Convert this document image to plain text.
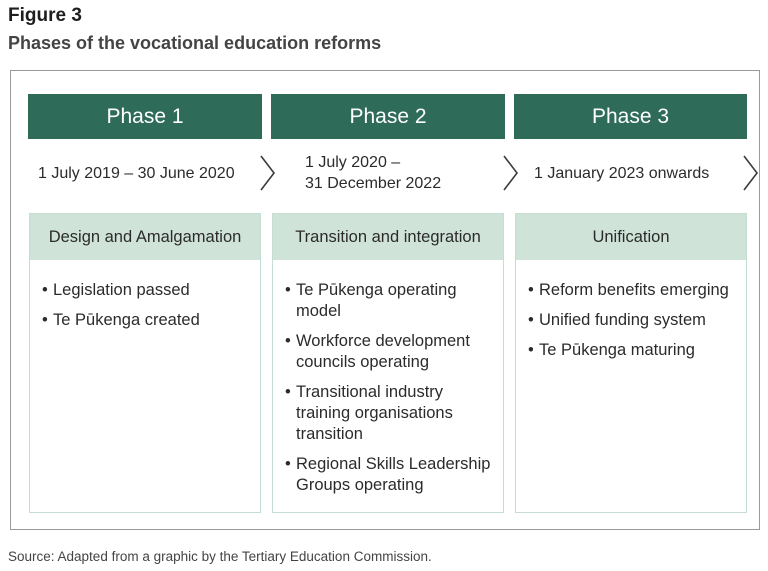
Figure 3
Phases of the vocational education reforms
Phase 1
1 July 2019 – 30 June 2020
Phase 2
1 July 2020 –
31 December 2022
Phase 3
1 January 2023 onwards
Design and Amalgamation
• Legislation passed
• Te Pūkenga created
Transition and integration
• Te Pūkenga operating model
• Workforce development councils operating
• Transitional industry training organisations transition
• Regional Skills Leadership Groups operating
Unification
• Reform benefits emerging
• Unified funding system
• Te Pūkenga maturing
Source: Adapted from a graphic by the Tertiary Education Commission.
